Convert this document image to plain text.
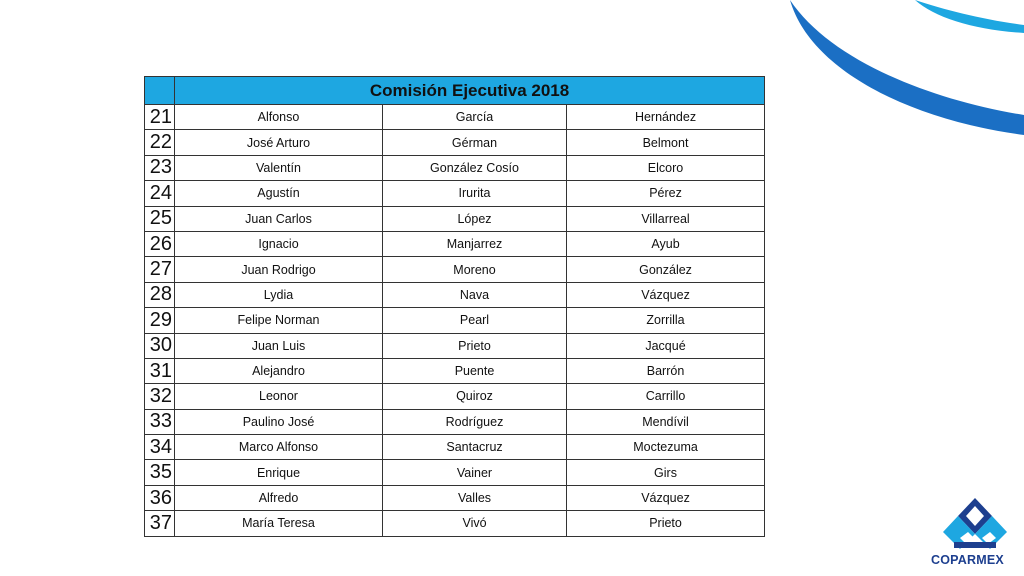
	Comisión Ejecutiva 2018		
21	Alfonso	García	Hernández
22	José Arturo	Gérman	Belmont
23	Valentín	González Cosío	Elcoro
24	Agustín	Irurita	Pérez
25	Juan Carlos	López	Villarreal
26	Ignacio	Manjarrez	Ayub
27	Juan Rodrigo	Moreno	González
28	Lydia	Nava	Vázquez
29	Felipe Norman	Pearl	Zorrilla
30	Juan Luis	Prieto	Jacqué
31	Alejandro	Puente	Barrón
32	Leonor	Quiroz	Carrillo
33	Paulino José	Rodríguez	Mendívil
34	Marco Alfonso	Santacruz	Moctezuma
35	Enrique	Vainer	Girs
36	Alfredo	Valles	Vázquez
37	María Teresa	Vivó	Prieto
COPARMEX
